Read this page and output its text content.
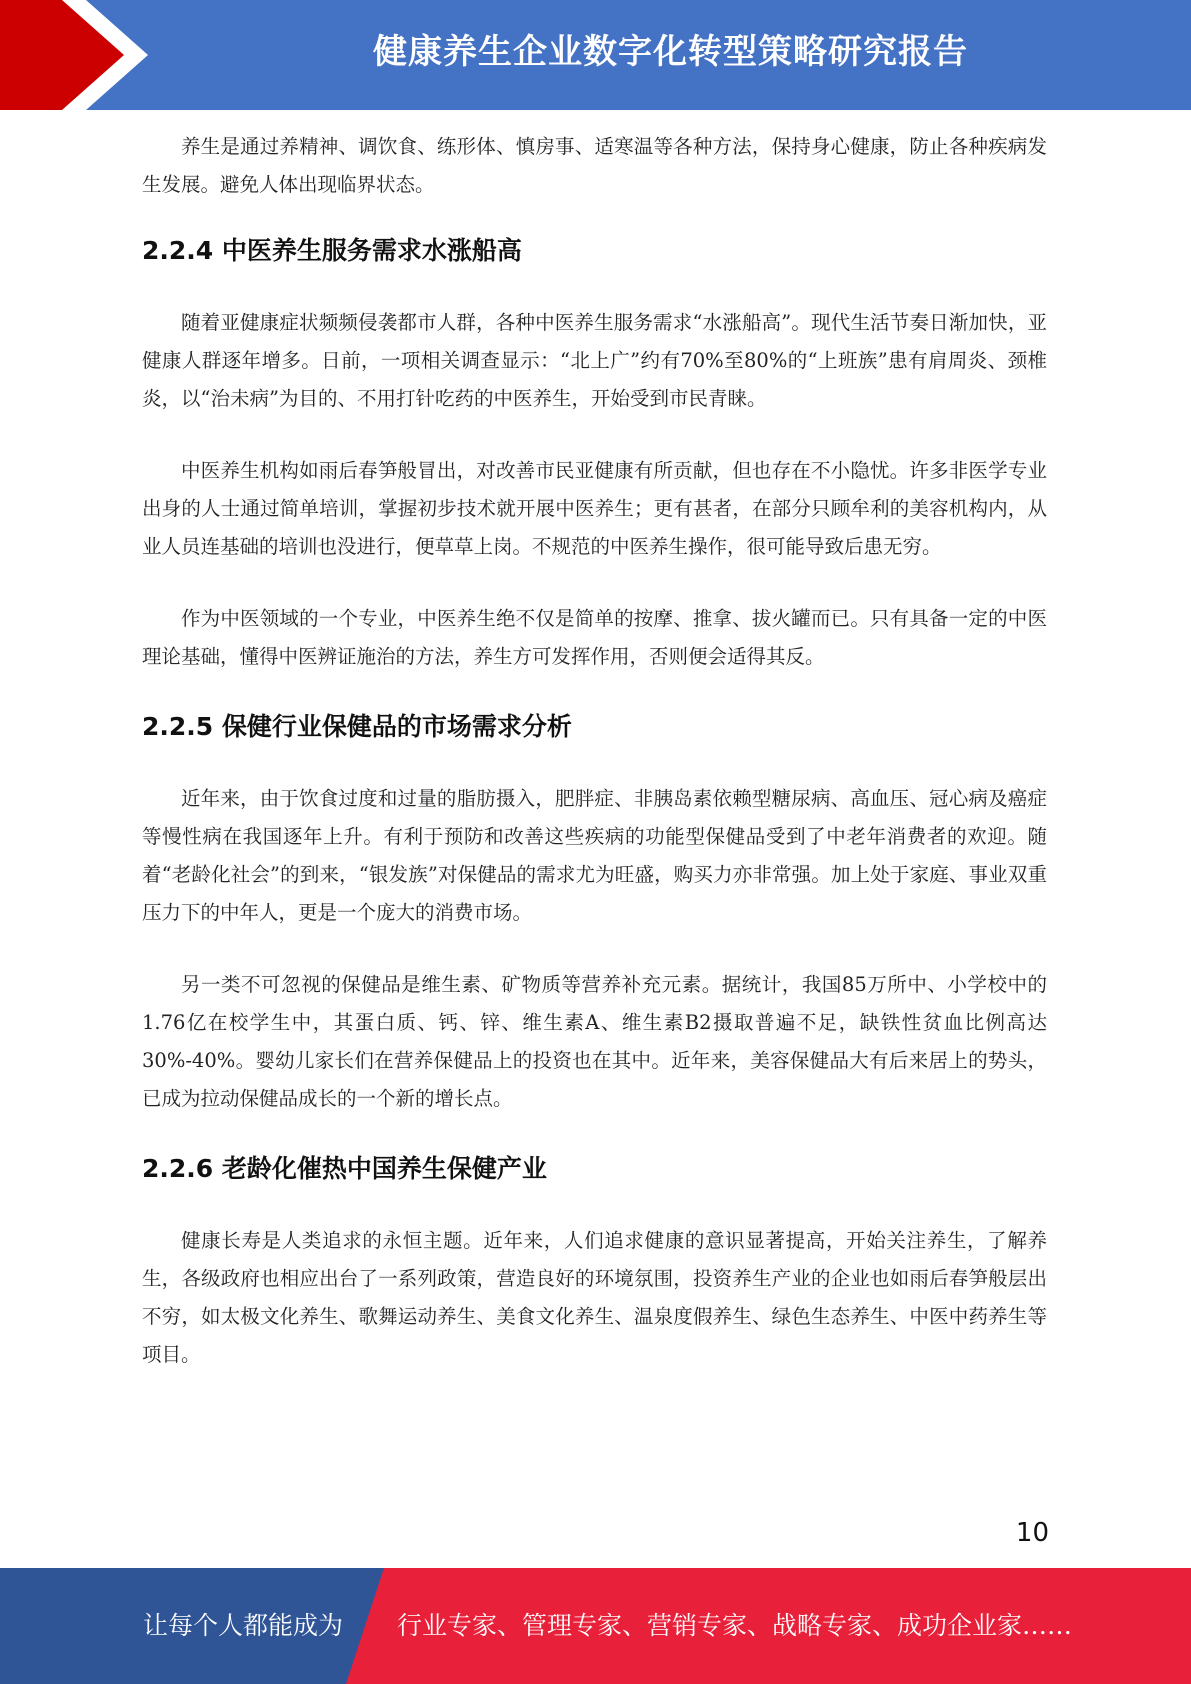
健康养生企业数字化转型策略研究报告

养生是通过养精神、调饮食、练形体、慎房事、适寒温等各种方法，保持身心健康，防止各种疾病发生发展。避免人体出现临界状态。

2.2.4 中医养生服务需求水涨船高

随着亚健康症状频频侵袭都市人群，各种中医养生服务需求“水涨船高”。现代生活节奏日渐加快，亚健康人群逐年增多。日前，一项相关调查显示：“北上广”约有70%至80%的“上班族”患有肩周炎、颈椎炎，以“治未病”为目的、不用打针吃药的中医养生，开始受到市民青睐。

中医养生机构如雨后春笋般冒出，对改善市民亚健康有所贡献，但也存在不小隐忧。许多非医学专业出身的人士通过简单培训，掌握初步技术就开展中医养生；更有甚者，在部分只顾牟利的美容机构内，从业人员连基础的培训也没进行，便草草上岗。不规范的中医养生操作，很可能导致后患无穷。

作为中医领域的一个专业，中医养生绝不仅是简单的按摩、推拿、拔火罐而已。只有具备一定的中医理论基础，懂得中医辨证施治的方法，养生方可发挥作用，否则便会适得其反。

2.2.5 保健行业保健品的市场需求分析

近年来，由于饮食过度和过量的脂肪摄入，肥胖症、非胰岛素依赖型糖尿病、高血压、冠心病及癌症等慢性病在我国逐年上升。有利于预防和改善这些疾病的功能型保健品受到了中老年消费者的欢迎。随着“老龄化社会”的到来，“银发族”对保健品的需求尤为旺盛，购买力亦非常强。加上处于家庭、事业双重压力下的中年人，更是一个庞大的消费市场。

另一类不可忽视的保健品是维生素、矿物质等营养补充元素。据统计，我国85万所中、小学校中的1.76亿在校学生中，其蛋白质、钙、锌、维生素A、维生素B2摄取普遍不足，缺铁性贫血比例高达30%-40%。婴幼儿家长们在营养保健品上的投资也在其中。近年来，美容保健品大有后来居上的势头，已成为拉动保健品成长的一个新的增长点。

2.2.6 老龄化催热中国养生保健产业

健康长寿是人类追求的永恒主题。近年来，人们追求健康的意识显著提高，开始关注养生，了解养生，各级政府也相应出台了一系列政策，营造良好的环境氛围，投资养生产业的企业也如雨后春笋般层出不穷，如太极文化养生、歌舞运动养生、美食文化养生、温泉度假养生、绿色生态养生、中医中药养生等项目。

10
让每个人都能成为 行业专家、管理专家、营销专家、战略专家、成功企业家……
